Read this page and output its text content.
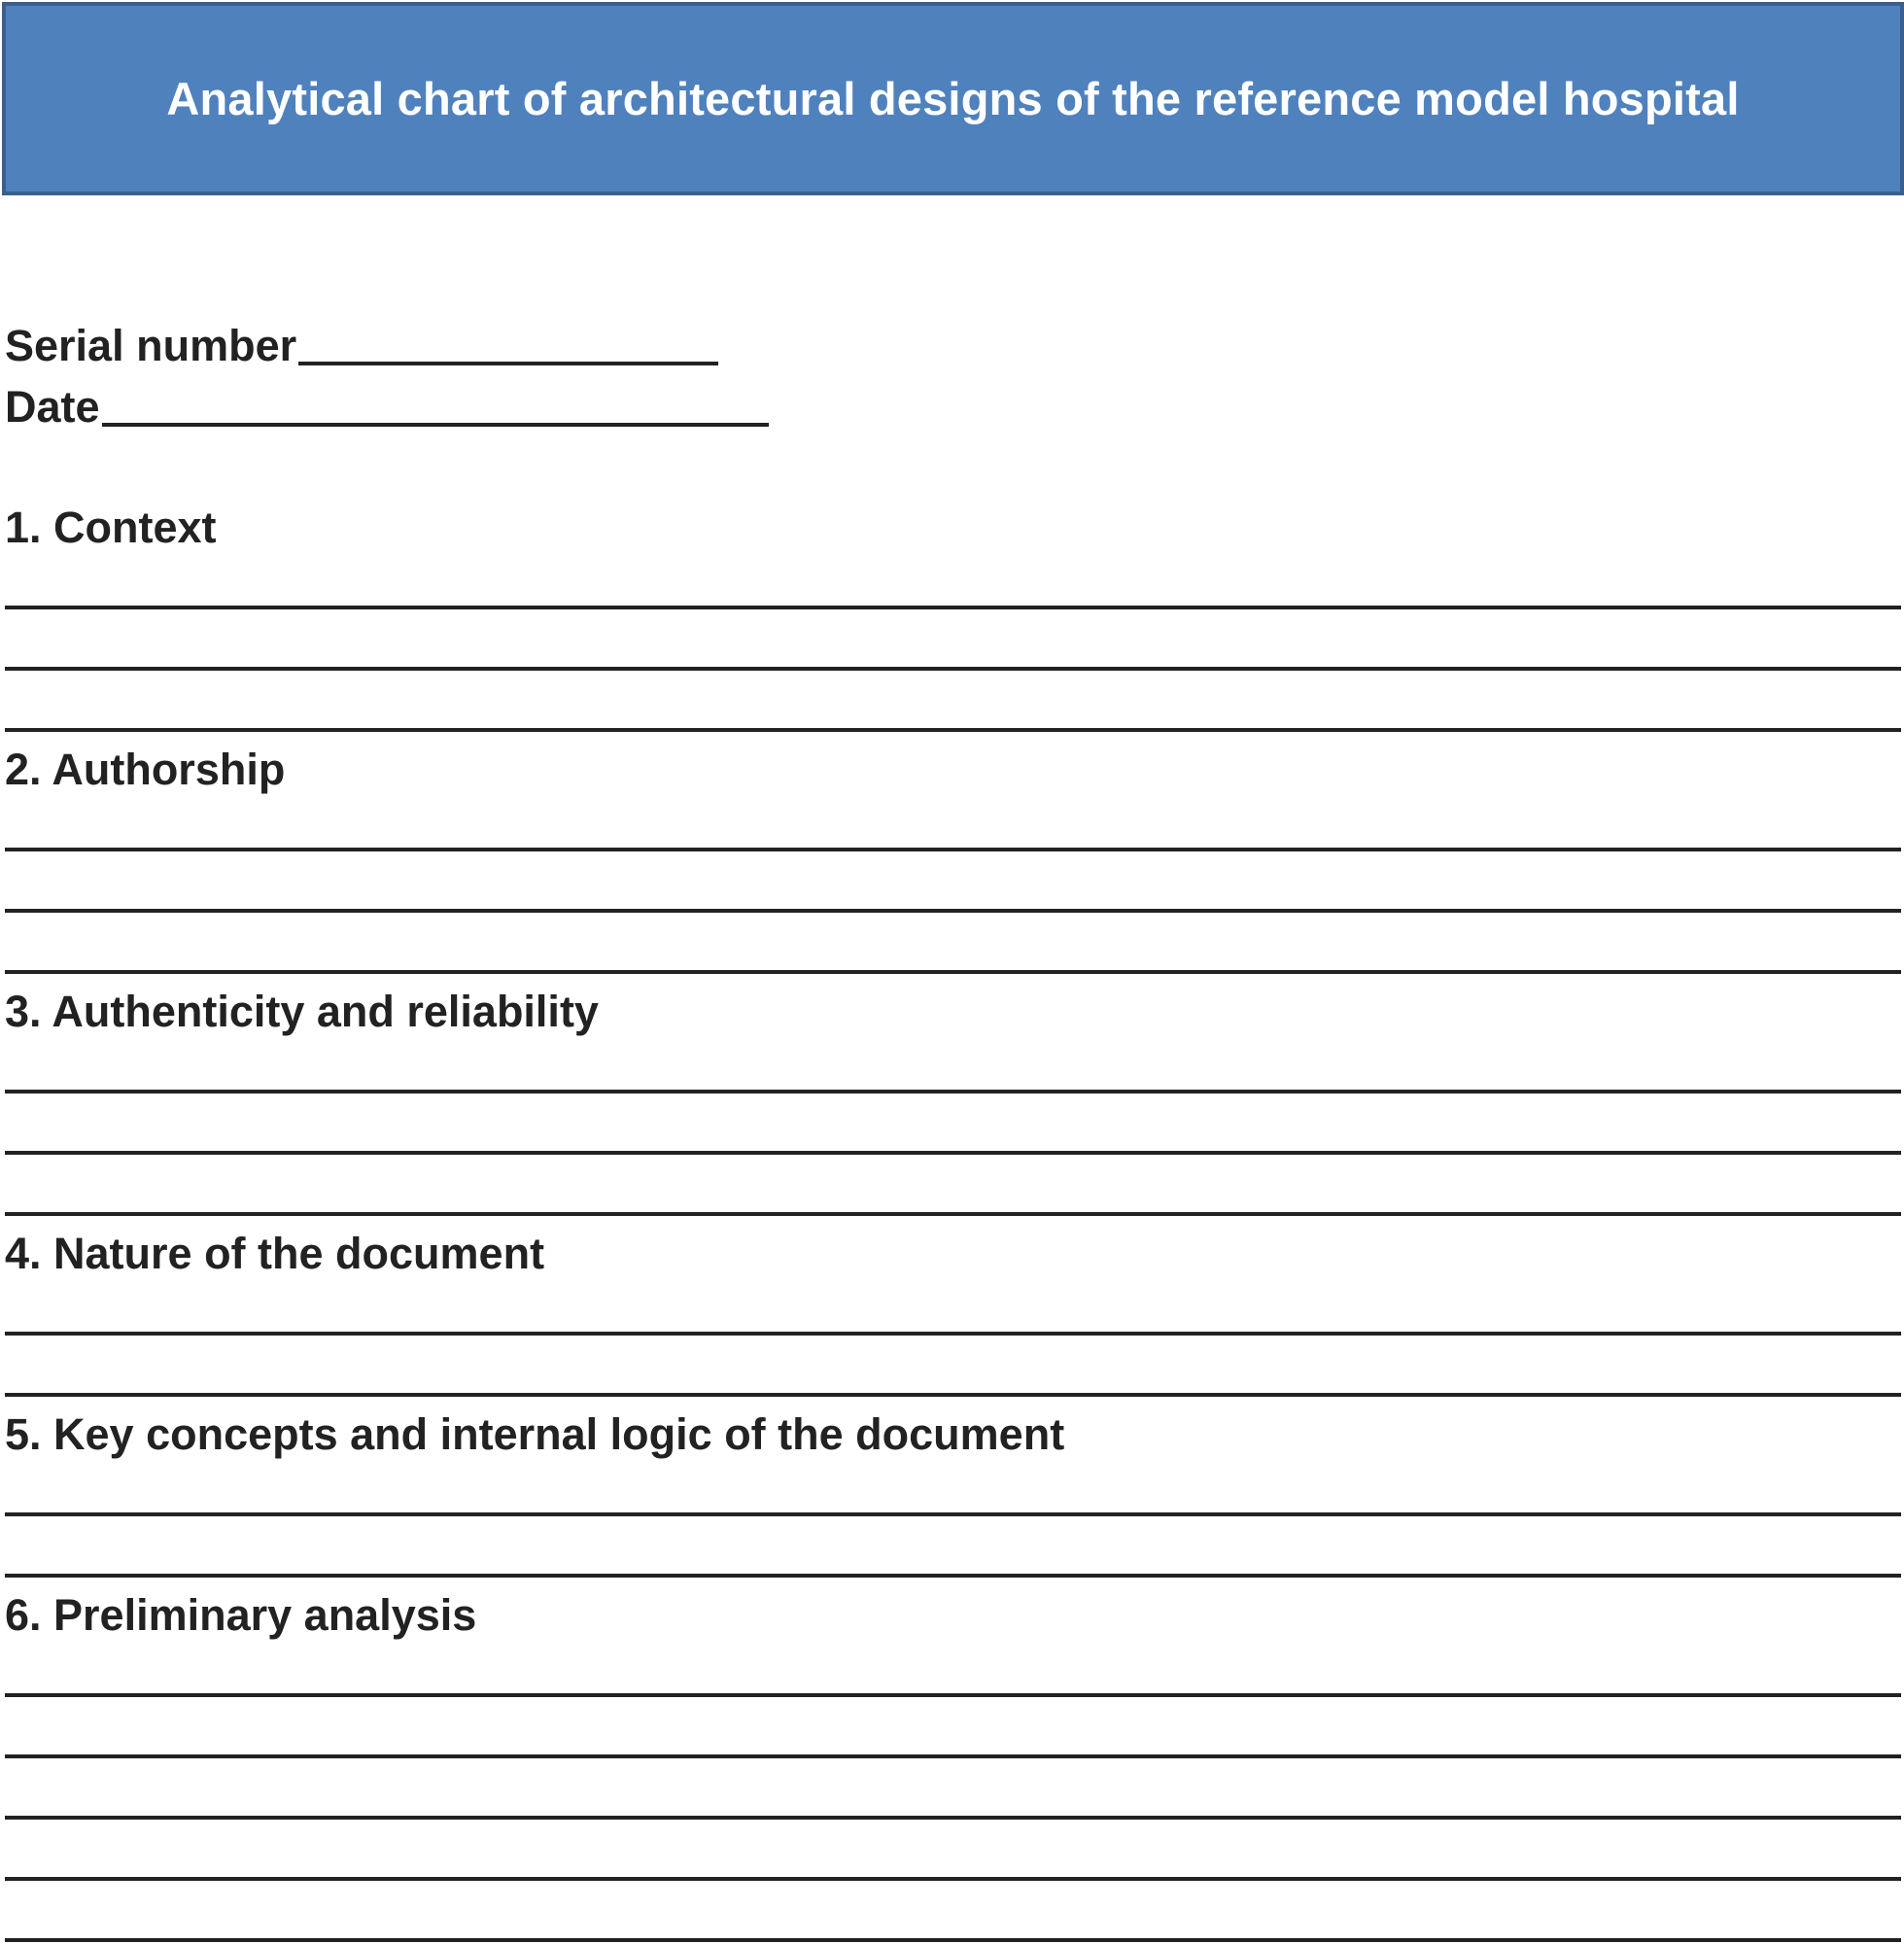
Analytical chart of architectural designs of the reference model hospital
Serial number
Date
1. Context
2. Authorship
3. Authenticity and reliability
4. Nature of the document
5. Key concepts and internal logic of the document
6. Preliminary analysis
